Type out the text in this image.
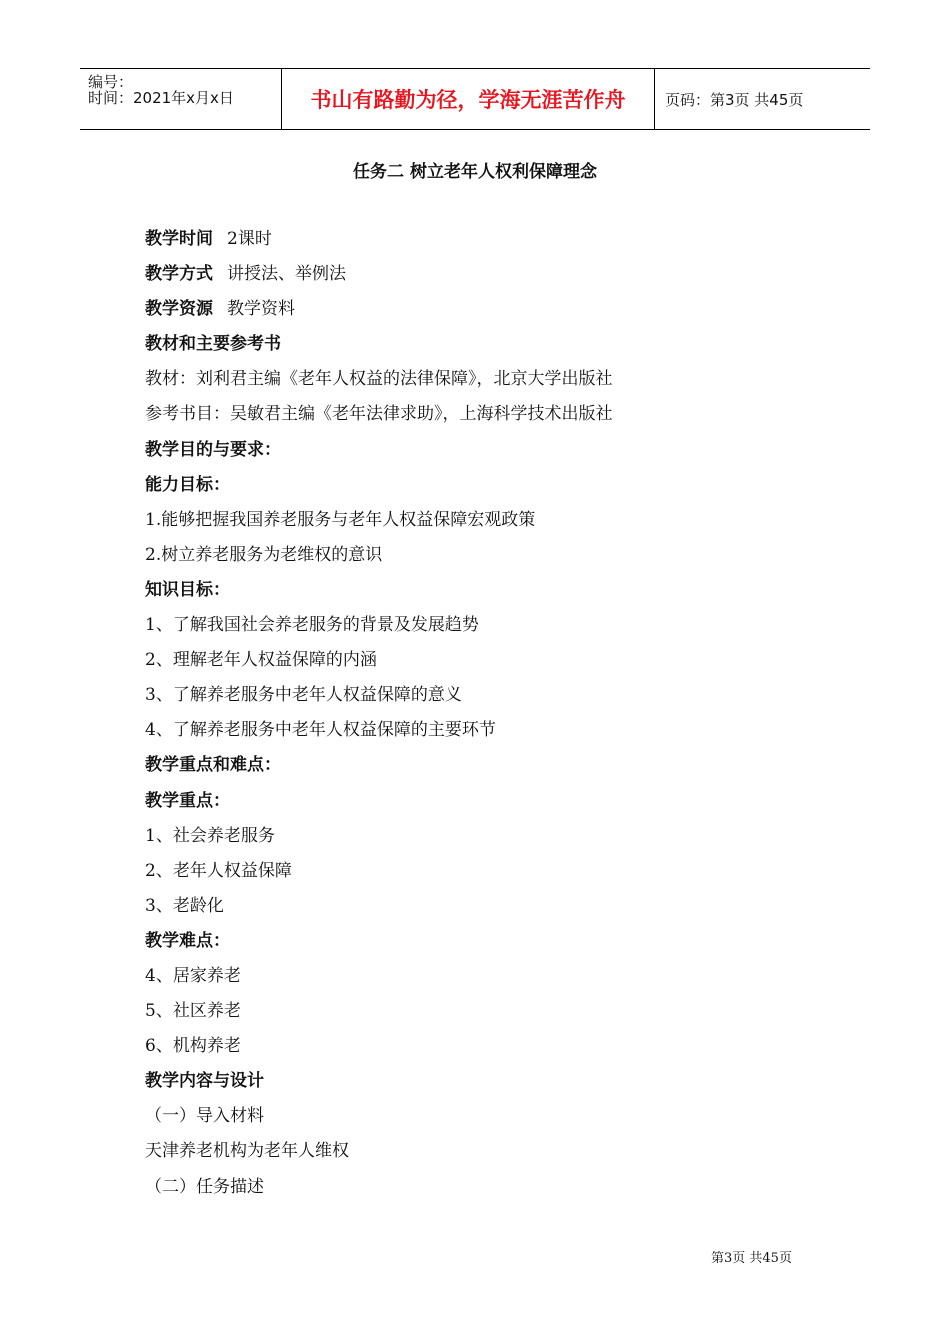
编号：
时间：2021年x月x日	书山有路勤为径，学海无涯苦作舟	页码：第3页 共45页
任务二 树立老年人权利保障理念
教学时间 2课时
教学方式 讲授法、举例法
教学资源 教学资料
教材和主要参考书
教材：刘利君主编《老年人权益的法律保障》，北京大学出版社
参考书目：吴敏君主编《老年法律求助》，上海科学技术出版社
教学目的与要求：
能力目标：
1.能够把握我国养老服务与老年人权益保障宏观政策
2.树立养老服务为老维权的意识
知识目标：
1、了解我国社会养老服务的背景及发展趋势
2、理解老年人权益保障的内涵
3、了解养老服务中老年人权益保障的意义
4、了解养老服务中老年人权益保障的主要环节
教学重点和难点：
教学重点：
1、社会养老服务
2、老年人权益保障
3、老龄化
教学难点：
4、居家养老
5、社区养老
6、机构养老
教学内容与设计
（一）导入材料
天津养老机构为老年人维权
（二）任务描述
第3页 共45页
